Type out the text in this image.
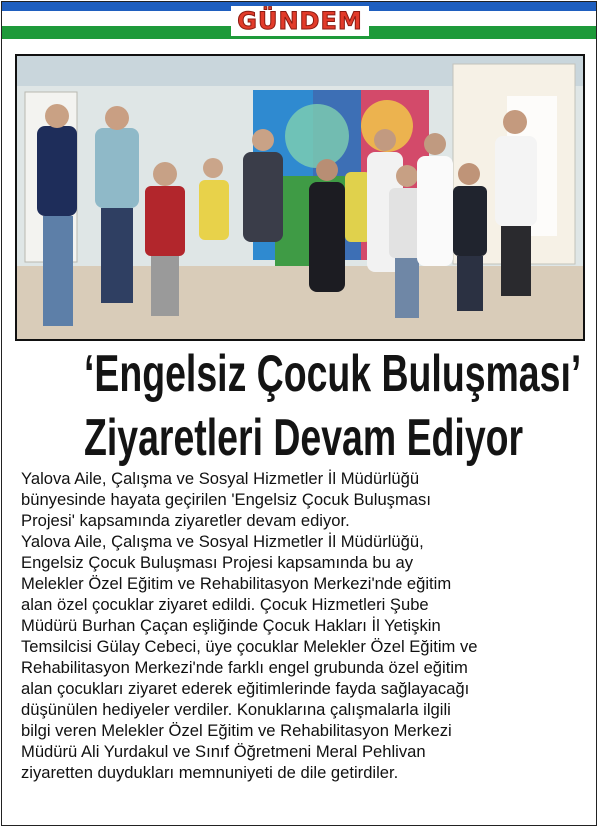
GÜNDEM
‘Engelsiz Çocuk Buluşması’
Ziyaretleri Devam Ediyor

Yalova Aile, Çalışma ve Sosyal Hizmetler İl Müdürlüğü

bünyesinde hayata geçirilen 'Engelsiz Çocuk Buluşması

Projesi' kapsamında ziyaretler devam ediyor.

Yalova Aile, Çalışma ve Sosyal Hizmetler İl Müdürlüğü,

Engelsiz Çocuk Buluşması Projesi kapsamında bu ay

Melekler Özel Eğitim ve Rehabilitasyon Merkezi'nde eğitim

alan özel çocuklar ziyaret edildi. Çocuk Hizmetleri Şube

Müdürü Burhan Çaçan eşliğinde Çocuk Hakları İl Yetişkin

Temsilcisi Gülay Cebeci, üye çocuklar Melekler Özel Eğitim ve

Rehabilitasyon Merkezi'nde farklı engel grubunda özel eğitim

alan çocukları ziyaret ederek eğitimlerinde fayda sağlayacağı

düşünülen hediyeler verdiler. Konuklarına çalışmalarla ilgili

bilgi veren Melekler Özel Eğitim ve Rehabilitasyon Merkezi

Müdürü Ali Yurdakul ve Sınıf Öğretmeni Meral Pehlivan

ziyaretten duydukları memnuniyeti de dile getirdiler.
